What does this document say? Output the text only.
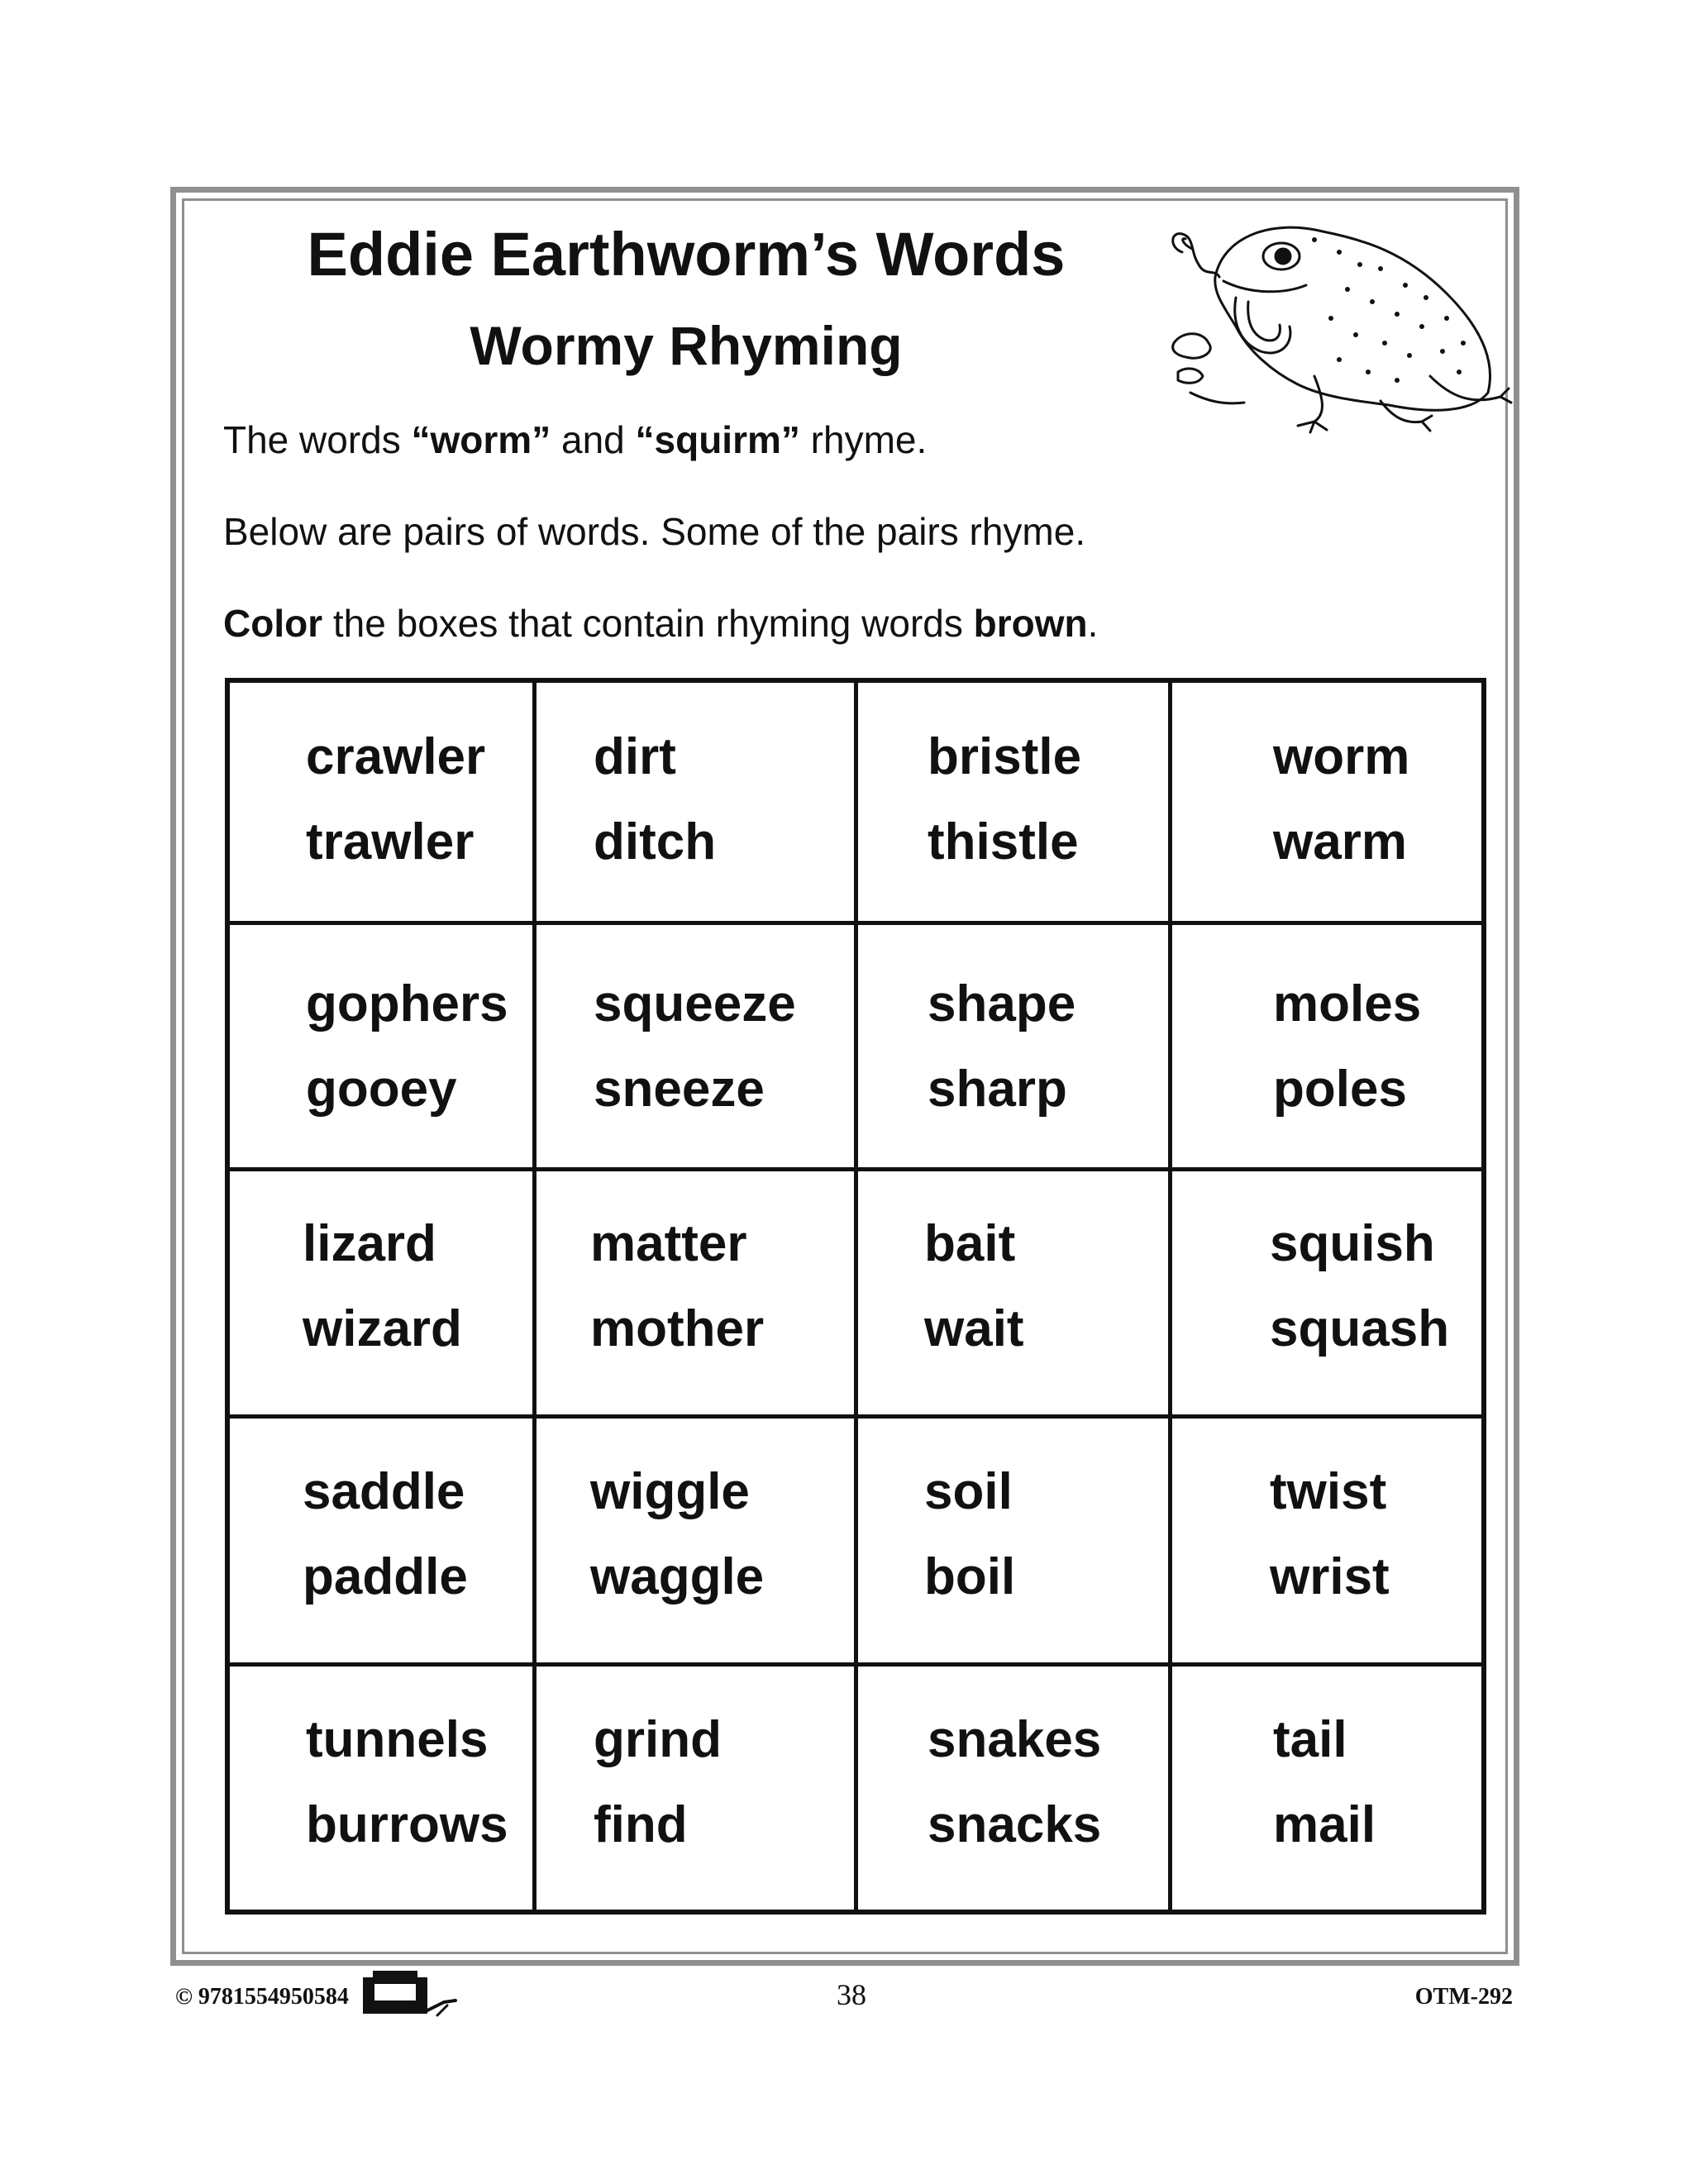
Eddie Earthworm’s Words
Wormy Rhyming
The words “worm” and “squirm” rhyme.
Below are pairs of words. Some of the pairs rhyme.
Color the boxes that contain rhyming words brown.
crawler
trawler
dirt
ditch
bristle
thistle
worm
warm
gophers
gooey
squeeze
sneeze
shape
sharp
moles
poles
lizard
wizard
matter
mother
bait
wait
squish
squash
saddle
paddle
wiggle
waggle
soil
boil
twist
wrist
tunnels
burrows
grind
find
snakes
snacks
tail
mail
© 9781554950584	38	OTM-292
